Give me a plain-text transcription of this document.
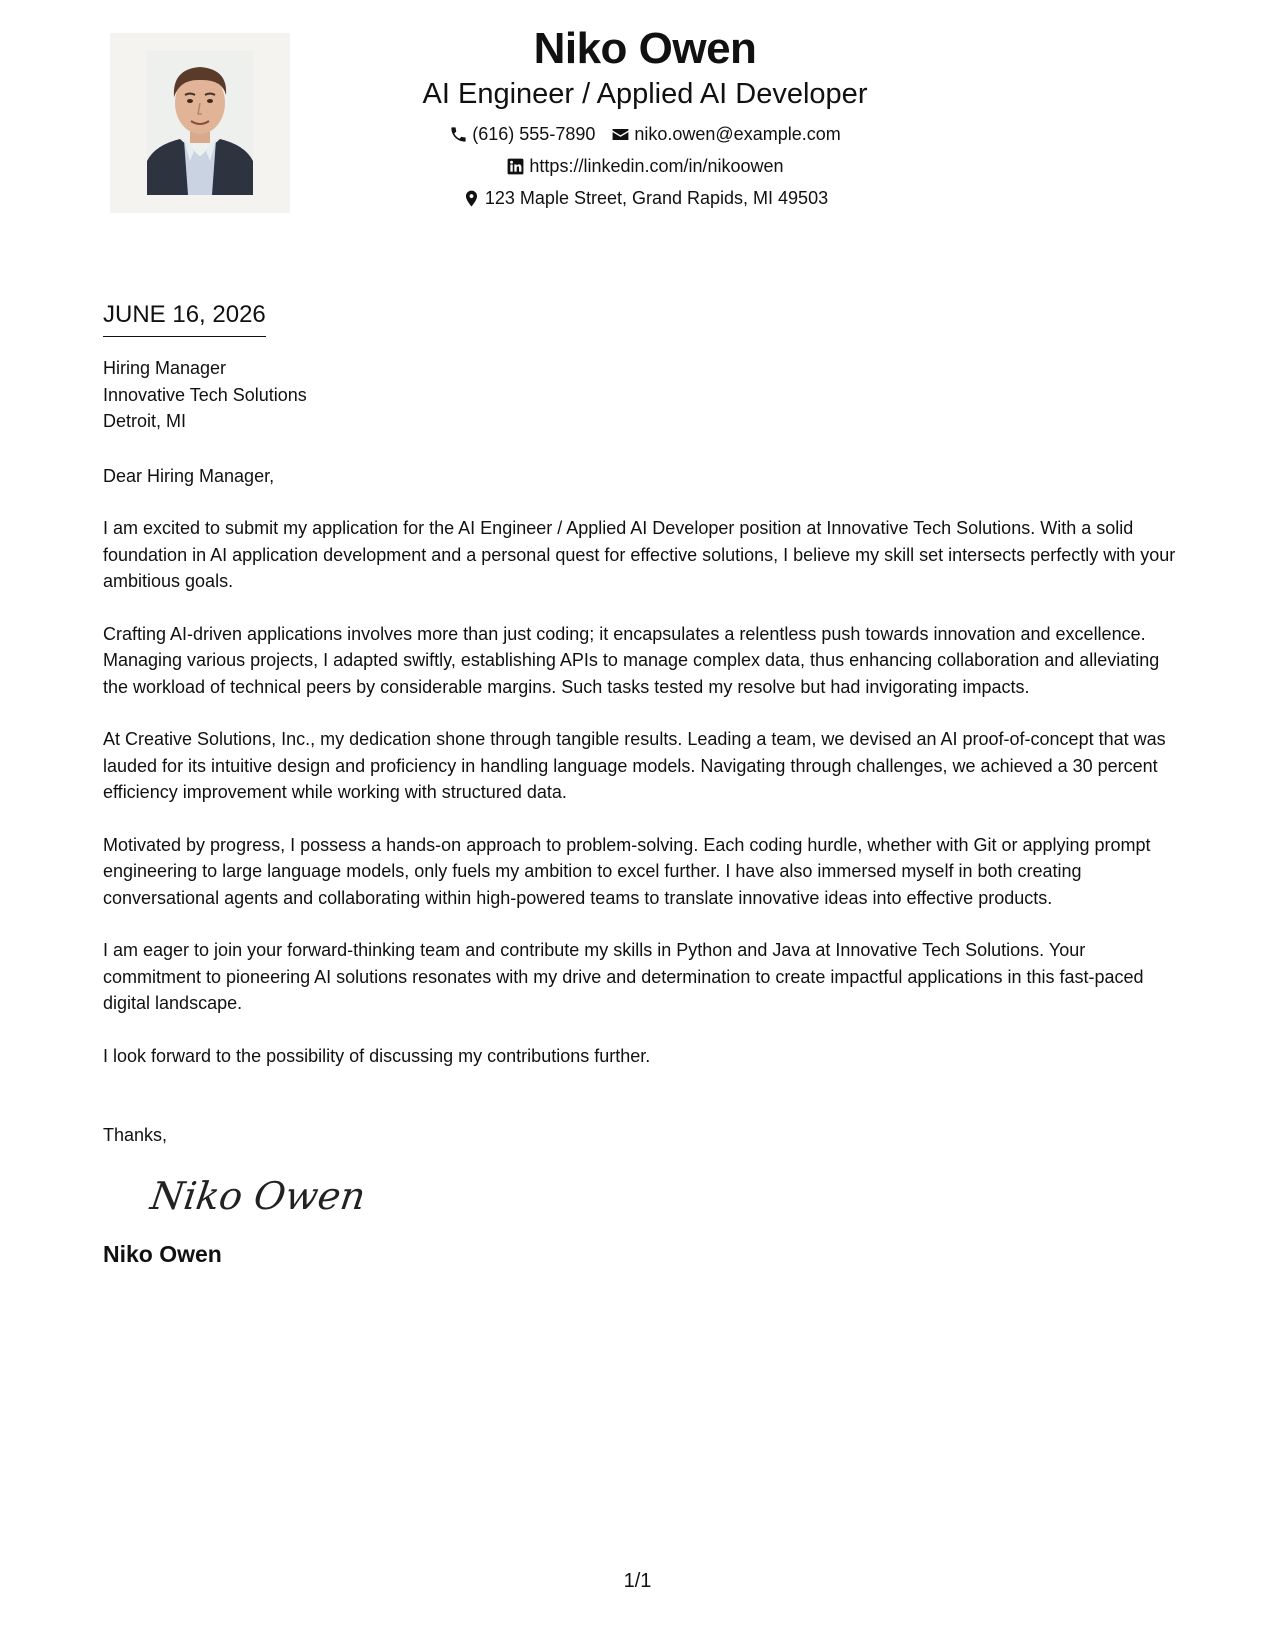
Niko Owen
AI Engineer / Applied AI Developer
(616) 555-7890 niko.owen@example.com
https://linkedin.com/in/nikoowen
123 Maple Street, Grand Rapids, MI 49503
JUNE 16, 2026
Hiring Manager
Innovative Tech Solutions
Detroit, MI
Dear Hiring Manager,

I am excited to submit my application for the AI Engineer / Applied AI Developer position at Innovative Tech Solutions. With a solid foundation in AI application development and a personal quest for effective solutions, I believe my skill set intersects perfectly with your ambitious goals.

Crafting AI-driven applications involves more than just coding; it encapsulates a relentless push towards innovation and excellence. Managing various projects, I adapted swiftly, establishing APIs to manage complex data, thus enhancing collaboration and alleviating the workload of technical peers by considerable margins. Such tasks tested my resolve but had invigorating impacts.

At Creative Solutions, Inc., my dedication shone through tangible results. Leading a team, we devised an AI proof-of-concept that was lauded for its intuitive design and proficiency in handling language models. Navigating through challenges, we achieved a 30 percent efficiency improvement while working with structured data.

Motivated by progress, I possess a hands-on approach to problem-solving. Each coding hurdle, whether with Git or applying prompt engineering to large language models, only fuels my ambition to excel further. I have also immersed myself in both creating conversational agents and collaborating within high-powered teams to translate innovative ideas into effective products.

I am eager to join your forward-thinking team and contribute my skills in Python and Java at Innovative Tech Solutions. Your commitment to pioneering AI solutions resonates with my drive and determination to create impactful applications in this fast-paced digital landscape.

I look forward to the possibility of discussing my contributions further.

Thanks,
Niko Owen
Niko Owen
1/1
